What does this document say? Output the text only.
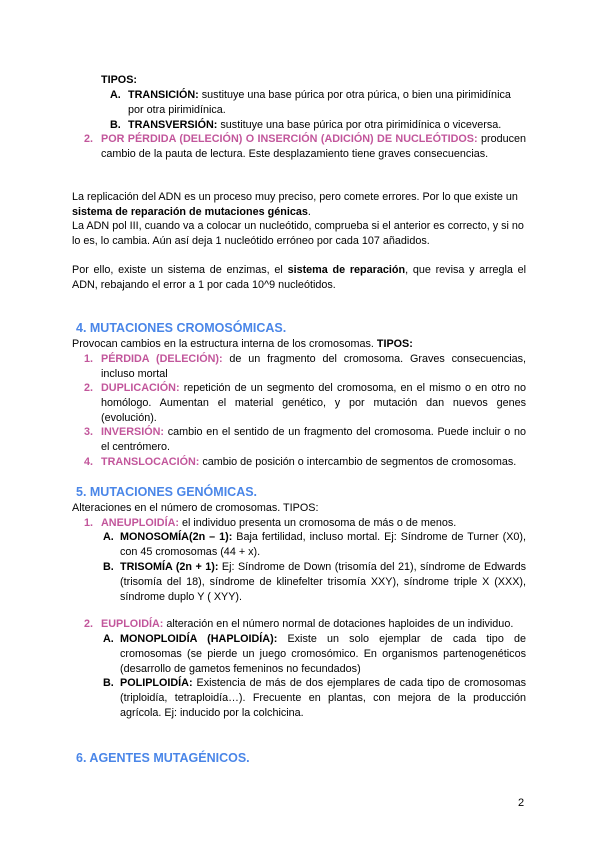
TIPOS:

A. TRANSICIÓN: sustituye una base púrica por otra púrica, o bien una pirimidínica por otra pirimidínica.

B. TRANSVERSIÓN: sustituye una base púrica por otra pirimidínica o viceversa.

2. POR PÉRDIDA (DELECIÓN) O INSERCIÓN (ADICIÓN) DE NUCLEÓTIDOS: producen cambio de la pauta de lectura. Este desplazamiento tiene graves consecuencias.

La replicación del ADN es un proceso muy preciso, pero comete errores. Por lo que existe un sistema de reparación de mutaciones génicas.

La ADN pol III, cuando va a colocar un nucleótido, comprueba si el anterior es correcto, y si no lo es, lo cambia. Aún así deja 1 nucleótido erróneo por cada 107 añadidos.

Por ello, existe un sistema de enzimas, el sistema de reparación, que revisa y arregla el ADN, rebajando el error a 1 por cada 10^9 nucleótidos.

4. MUTACIONES CROMOSÓMICAS.

Provocan cambios en la estructura interna de los cromosomas. TIPOS:

1. PÉRDIDA (DELECIÓN): de un fragmento del cromosoma. Graves consecuencias, incluso mortal

2. DUPLICACIÓN: repetición de un segmento del cromosoma, en el mismo o en otro no homólogo. Aumentan el material genético, y por mutación dan nuevos genes (evolución).

3. INVERSIÓN: cambio en el sentido de un fragmento del cromosoma. Puede incluir o no el centrómero.

4. TRANSLOCACIÓN: cambio de posición o intercambio de segmentos de cromosomas.

5. MUTACIONES GENÓMICAS.

Alteraciones en el número de cromosomas. TIPOS:

1. ANEUPLOIDÍA: el individuo presenta un cromosoma de más o de menos.

A. MONOSOMÍA(2n – 1): Baja fertilidad, incluso mortal. Ej: Síndrome de Turner (X0), con 45 cromosomas (44 + x).

B. TRISOMÍA (2n + 1): Ej: Síndrome de Down (trisomía del 21), síndrome de Edwards (trisomía del 18), síndrome de klinefelter trisomía XXY), síndrome triple X (XXX), síndrome duplo Y ( XYY).

2. EUPLOIDÍA: alteración en el número normal de dotaciones haploides de un individuo.

A. MONOPLOIDÍA (HAPLOIDÍA): Existe un solo ejemplar de cada tipo de cromosomas (se pierde un juego cromosómico. En organismos partenogenéticos (desarrollo de gametos femeninos no fecundados)

B. POLIPLOIDÍA: Existencia de más de dos ejemplares de cada tipo de cromosomas (triploidía, tetraploidía…). Frecuente en plantas, con mejora de la producción agrícola. Ej: inducido por la colchicina.

6. AGENTES MUTAGÉNICOS.
2
